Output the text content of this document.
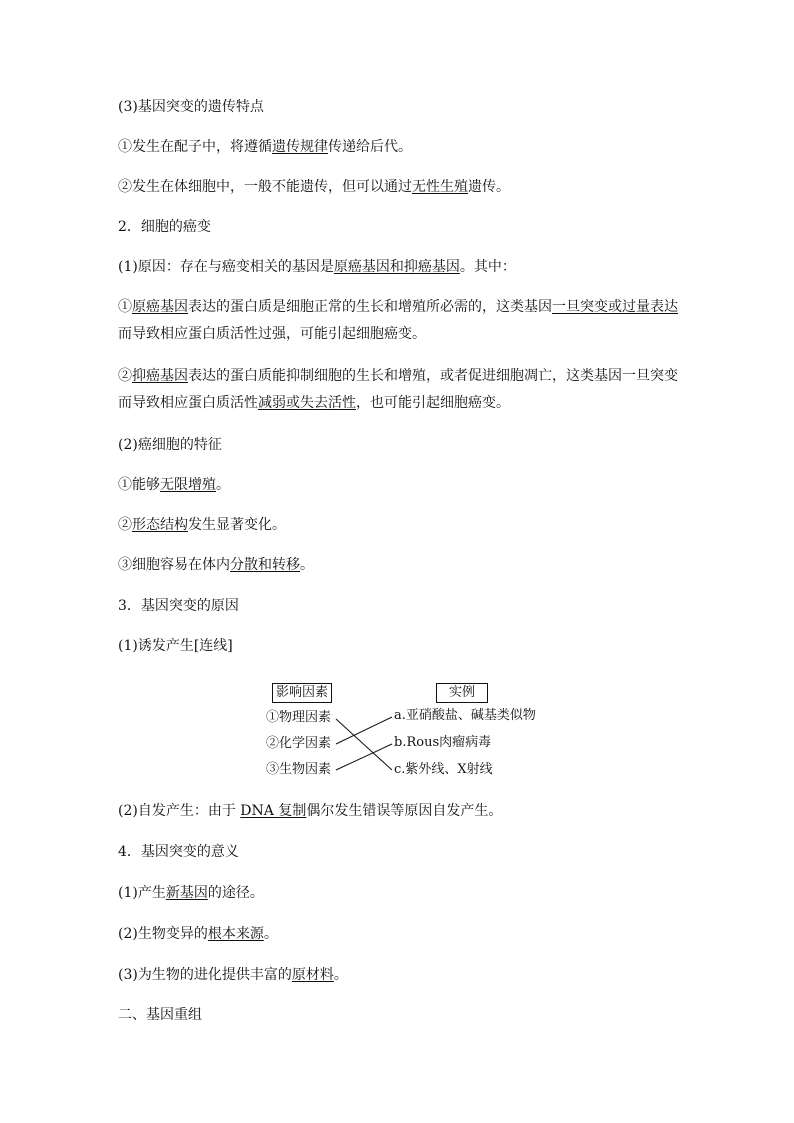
(3)基因突变的遗传特点
①发生在配子中，将遵循遗传规律传递给后代。
②发生在体细胞中，一般不能遗传，但可以通过无性生殖遗传。
2．细胞的癌变
(1)原因：存在与癌变相关的基因是原癌基因和抑癌基因。其中：
①原癌基因表达的蛋白质是细胞正常的生长和增殖所必需的，这类基因一旦突变或过量表达
而导致相应蛋白质活性过强，可能引起细胞癌变。
②抑癌基因表达的蛋白质能抑制细胞的生长和增殖，或者促进细胞凋亡，这类基因一旦突变
而导致相应蛋白质活性减弱或失去活性，也可能引起细胞癌变。
(2)癌细胞的特征
①能够无限增殖。
②形态结构发生显著变化。
③细胞容易在体内分散和转移。
3．基因突变的原因
(1)诱发产生[连线]
影响因素	实例
①物理因素
②化学因素
③生物因素
a.亚硝酸盐、碱基类似物
b.Rous肉瘤病毒
c.紫外线、X射线
(2)自发产生：由于 DNA 复制偶尔发生错误等原因自发产生。
4．基因突变的意义
(1)产生新基因的途径。
(2)生物变异的根本来源。
(3)为生物的进化提供丰富的原材料。
二、基因重组
